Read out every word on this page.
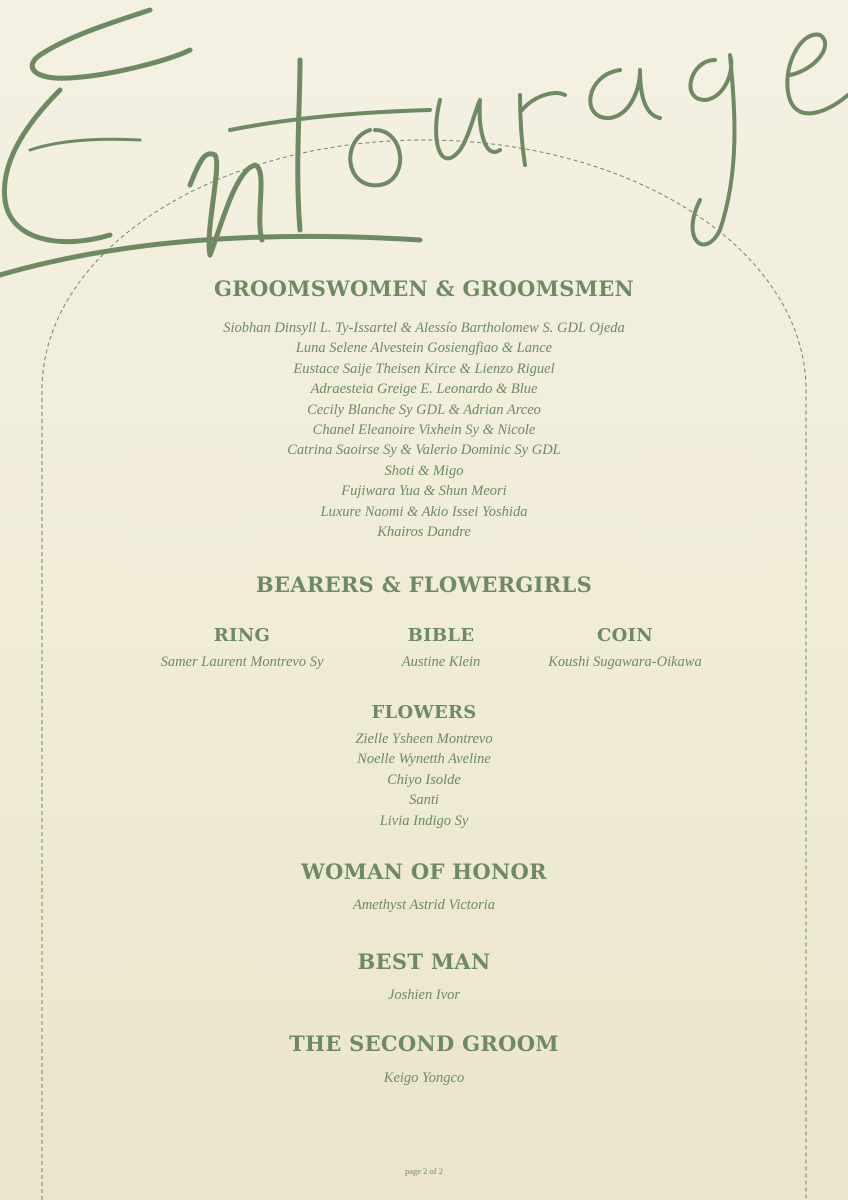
GROOMSWOMEN & GROOMSMEN
Siobhan Dinsyll L. Ty-Issartel & Alessío Bartholomew S. GDL Ojeda
Luna Selene Alvestein Gosiengfiao & Lance
Eustace Saije Theisen Kirce & Lienzo Riguel
Adraesteia Greige E. Leonardo & Blue
Cecily Blanche Sy GDL & Adrian Arceo
Chanel Eleanoire Vixhein Sy & Nicole
Catrina Saoirse Sy & Valerio Dominic Sy GDL
Shoti & Migo
Fujiwara Yua & Shun Meori
Luxure Naomi & Akio Issei Yoshida
Khairos Dandre
BEARERS & FLOWERGIRLS
RING
Samer Laurent Montrevo Sy
BIBLE
Austine Klein
COIN
Koushi Sugawara-Oikawa
FLOWERS
Zielle Ysheen Montrevo
Noelle Wynetth Aveline
Chiyo Isolde
Santi
Livia Indigo Sy
WOMAN OF HONOR
Amethyst Astrid Victoria
BEST MAN
Joshien Ivor
THE SECOND GROOM
Keigo Yongco
page 2 of 2
